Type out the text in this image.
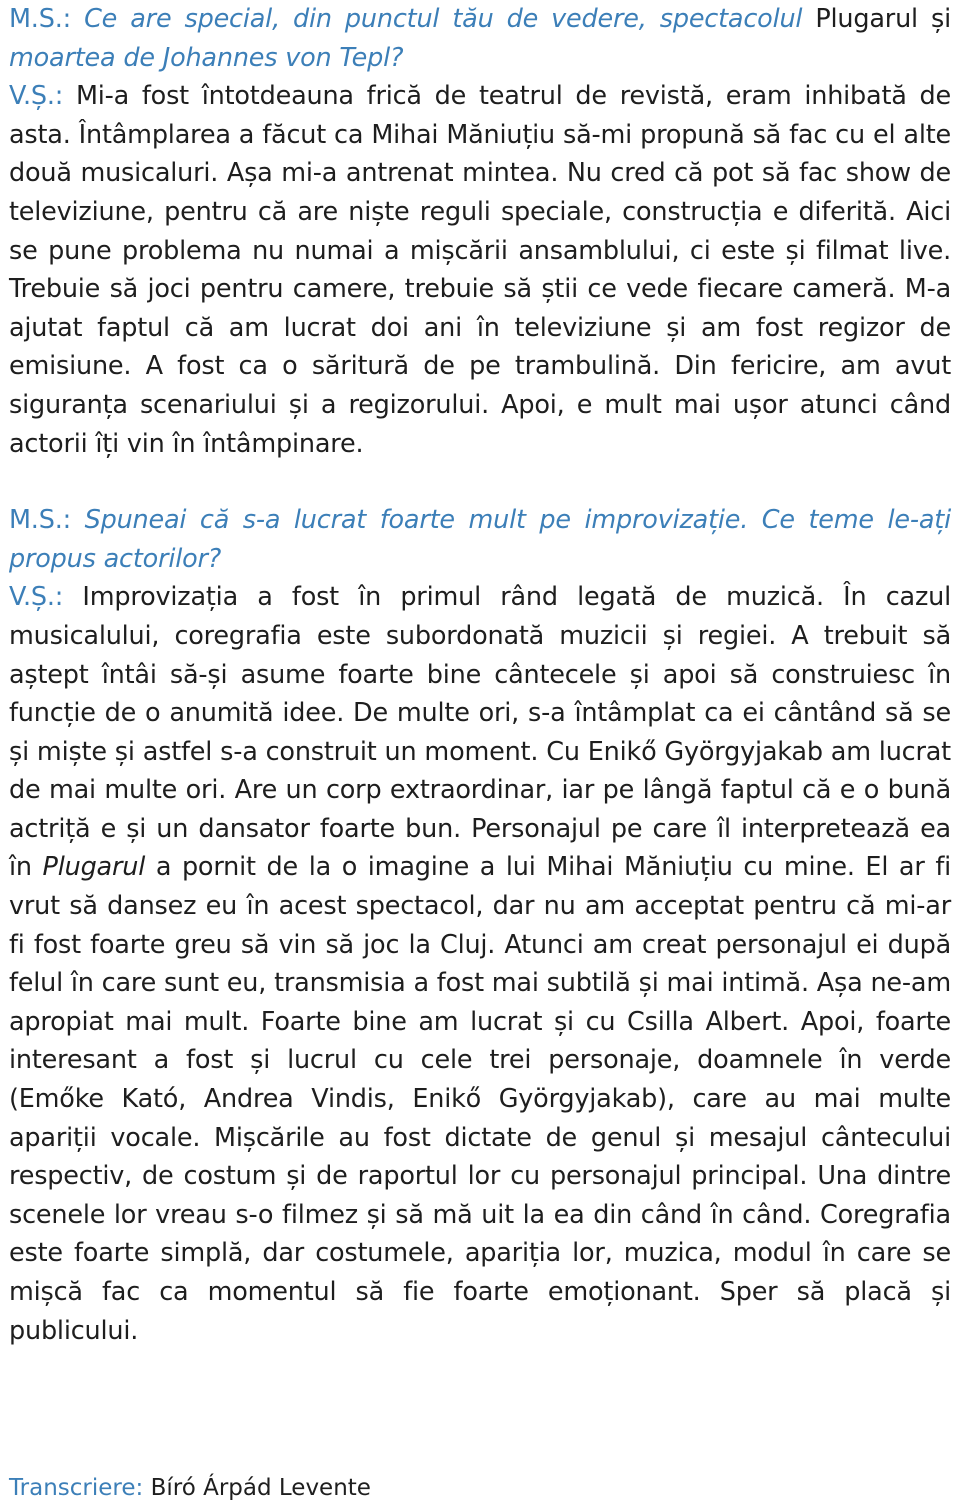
M.S.: Ce are special, din punctul tău de vedere, spectacolul Plugarul și moartea de Johannes von Tepl?

V.Ș.: Mi-a fost întotdeauna frică de teatrul de revistă, eram inhibată de asta. Întâmplarea a făcut ca Mihai Măniuțiu să-mi propună să fac cu el alte două musicaluri. Așa mi-a antrenat mintea. Nu cred că pot să fac show de televiziune, pentru că are niște reguli speciale, construcția e diferită. Aici se pune problema nu numai a mișcării ansamblului, ci este și filmat live. Trebuie să joci pentru camere, trebuie să știi ce vede fiecare cameră. M-a ajutat faptul că am lucrat doi ani în televiziune și am fost regizor de emisiune. A fost ca o săritură de pe trambulină. Din fericire, am avut siguranța scenariului și a regizorului. Apoi, e mult mai ușor atunci când actorii îți vin în întâmpinare.

M.S.: Spuneai că s-a lucrat foarte mult pe improvizație. Ce teme le-ați propus actorilor?

V.Ș.: Improvizația a fost în primul rând legată de muzică. În cazul musicalului, coregrafia este subordonată muzicii și regiei. A trebuit să aștept întâi să-și asume foarte bine cântecele și apoi să construiesc în funcție de o anumită idee. De multe ori, s-a întâmplat ca ei cântând să se și miște și astfel s-a construit un moment. Cu Enikő Györgyjakab am lucrat de mai multe ori. Are un corp extraordinar, iar pe lângă faptul că e o bună actriță e și un dansator foarte bun. Personajul pe care îl interpretează ea în Plugarul a pornit de la o imagine a lui Mihai Măniuțiu cu mine. El ar fi vrut să dansez eu în acest spectacol, dar nu am acceptat pentru că mi-ar fi fost foarte greu să vin să joc la Cluj. Atunci am creat personajul ei după felul în care sunt eu, transmisia a fost mai subtilă și mai intimă. Așa ne-am apropiat mai mult. Foarte bine am lucrat și cu Csilla Albert. Apoi, foarte interesant a fost și lucrul cu cele trei personaje, doamnele în verde (Emőke Kató, Andrea Vindis, Enikő Györgyjakab), care au mai multe apariții vocale. Mișcările au fost dictate de genul și mesajul cântecului respectiv, de costum și de raportul lor cu personajul principal. Una dintre scenele lor vreau s-o filmez și să mă uit la ea din când în când. Coregrafia este foarte simplă, dar costumele, apariția lor, muzica, modul în care se mișcă fac ca momentul să fie foarte emoționant. Sper să placă și publicului.

Transcriere: Bíró Árpád Levente
